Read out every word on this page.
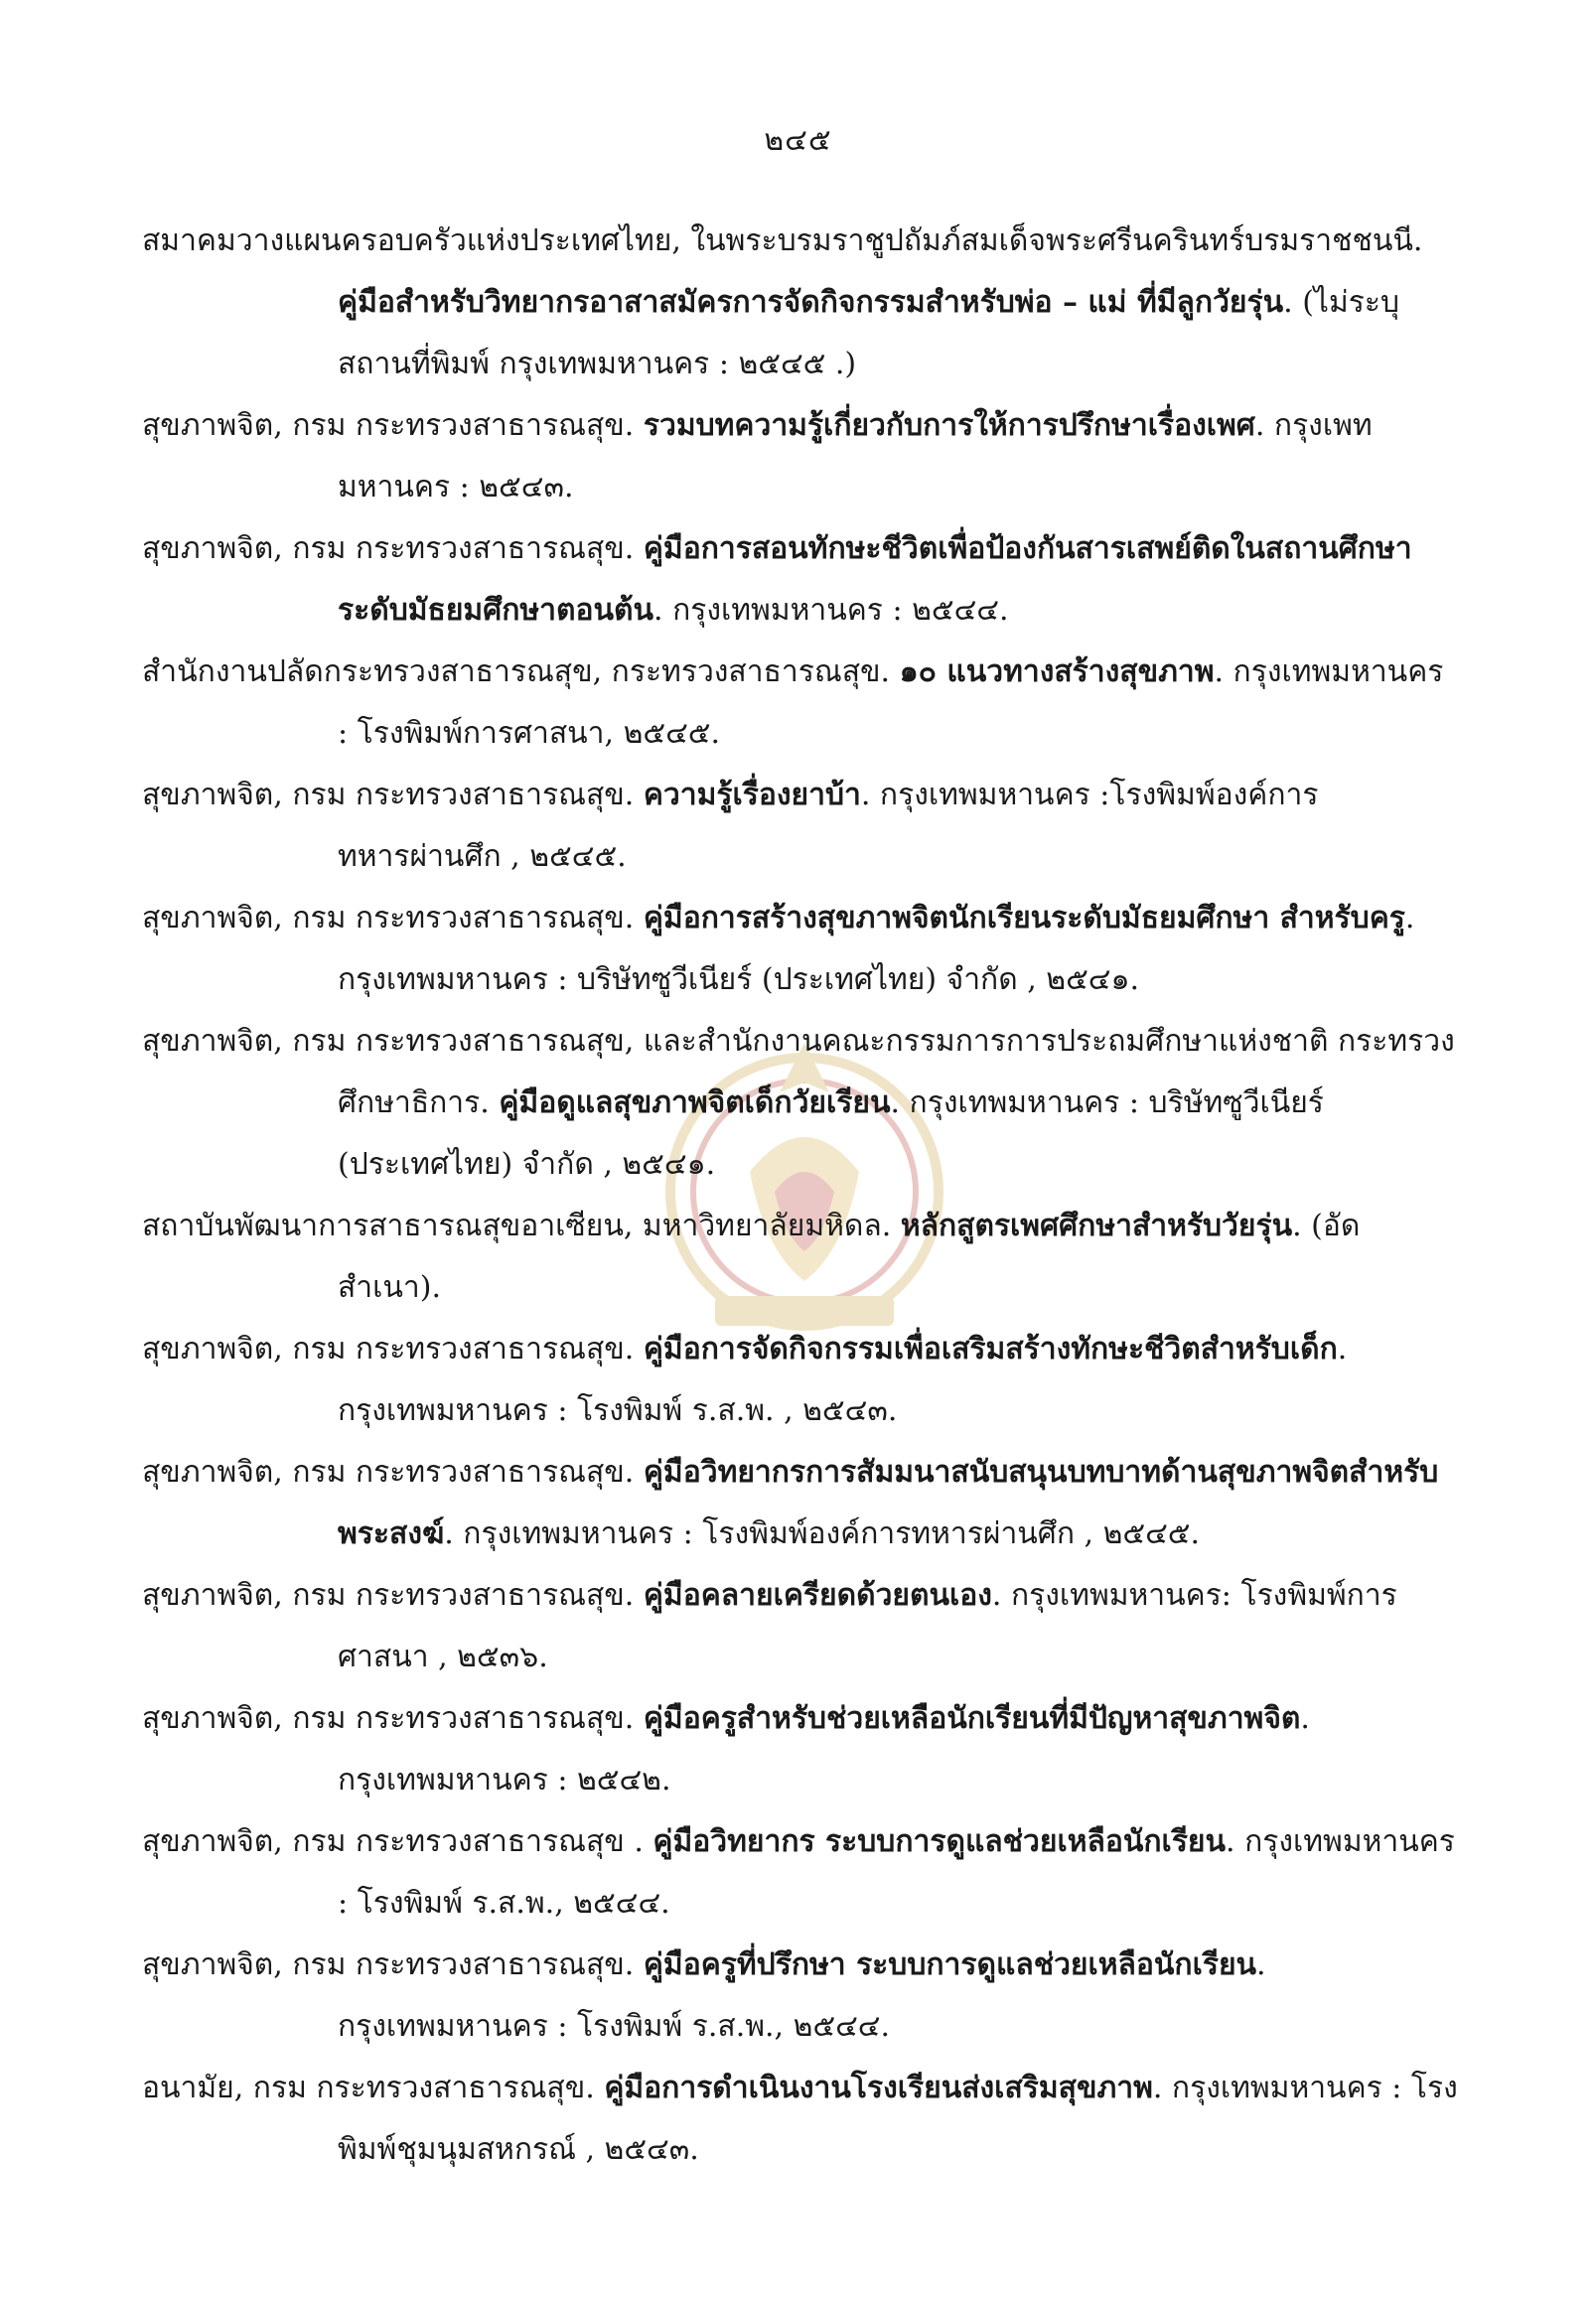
๒๔๕

สมาคมวางแผนครอบครัวแห่งประเทศไทย, ในพระบรมราชูปถัมภ์สมเด็จพระศรีนครินทร์บรมราชชนนี. คู่มือสำหรับวิทยากรอาสาสมัครการจัดกิจกรรมสำหรับพ่อ – แม่ ที่มีลูกวัยรุ่น. (ไม่ระบุสถานที่พิมพ์ กรุงเทพมหานคร : ๒๕๔๕ .)

สุขภาพจิต, กรม กระทรวงสาธารณสุข. รวมบทความรู้เกี่ยวกับการให้การปรึกษาเรื่องเพศ. กรุงเพทมหานคร : ๒๕๔๓.

สุขภาพจิต, กรม กระทรวงสาธารณสุข. คู่มือการสอนทักษะชีวิตเพื่อป้องกันสารเสพย์ติดในสถานศึกษาระดับมัธยมศึกษาตอนต้น. กรุงเทพมหานคร : ๒๕๔๔.

สำนักงานปลัดกระทรวงสาธารณสุข, กระทรวงสาธารณสุข. ๑๐ แนวทางสร้างสุขภาพ. กรุงเทพมหานคร : โรงพิมพ์การศาสนา, ๒๕๔๕.

สุขภาพจิต, กรม กระทรวงสาธารณสุข. ความรู้เรื่องยาบ้า. กรุงเทพมหานคร :โรงพิมพ์องค์การทหารผ่านศึก , ๒๕๔๕.

สุขภาพจิต, กรม กระทรวงสาธารณสุข. คู่มือการสร้างสุขภาพจิตนักเรียนระดับมัธยมศึกษา สำหรับครู. กรุงเทพมหานคร : บริษัทซูวีเนียร์ (ประเทศไทย) จำกัด , ๒๕๔๑.

สุขภาพจิต, กรม กระทรวงสาธารณสุข, และสำนักงานคณะกรรมการการประถมศึกษาแห่งชาติ กระทรวงศึกษาธิการ. คู่มือดูแลสุขภาพจิตเด็กวัยเรียน. กรุงเทพมหานคร : บริษัทซูวีเนียร์ (ประเทศไทย) จำกัด , ๒๕๔๑.

สถาบันพัฒนาการสาธารณสุขอาเซียน, มหาวิทยาลัยมหิดล. หลักสูตรเพศศึกษาสำหรับวัยรุ่น. (อัดสำเนา).

สุขภาพจิต, กรม กระทรวงสาธารณสุข. คู่มือการจัดกิจกรรมเพื่อเสริมสร้างทักษะชีวิตสำหรับเด็ก. กรุงเทพมหานคร : โรงพิมพ์ ร.ส.พ. , ๒๕๔๓.

สุขภาพจิต, กรม กระทรวงสาธารณสุข. คู่มือวิทยากรการสัมมนาสนับสนุนบทบาทด้านสุขภาพจิตสำหรับพระสงฆ์. กรุงเทพมหานคร : โรงพิมพ์องค์การทหารผ่านศึก , ๒๕๔๕.

สุขภาพจิต, กรม กระทรวงสาธารณสุข. คู่มือคลายเครียดด้วยตนเอง. กรุงเทพมหานคร: โรงพิมพ์การศาสนา , ๒๕๓๖.

สุขภาพจิต, กรม กระทรวงสาธารณสุข. คู่มือครูสำหรับช่วยเหลือนักเรียนที่มีปัญหาสุขภาพจิต. กรุงเทพมหานคร : ๒๕๔๒.

สุขภาพจิต, กรม กระทรวงสาธารณสุข . คู่มือวิทยากร ระบบการดูแลช่วยเหลือนักเรียน. กรุงเทพมหานคร : โรงพิมพ์ ร.ส.พ., ๒๕๔๔.

สุขภาพจิต, กรม กระทรวงสาธารณสุข. คู่มือครูที่ปรึกษา ระบบการดูแลช่วยเหลือนักเรียน. กรุงเทพมหานคร : โรงพิมพ์ ร.ส.พ., ๒๕๔๔.

อนามัย, กรม กระทรวงสาธารณสุข. คู่มือการดำเนินงานโรงเรียนส่งเสริมสุขภาพ. กรุงเทพมหานคร : โรงพิมพ์ชุมนุมสหกรณ์ , ๒๕๔๓.
